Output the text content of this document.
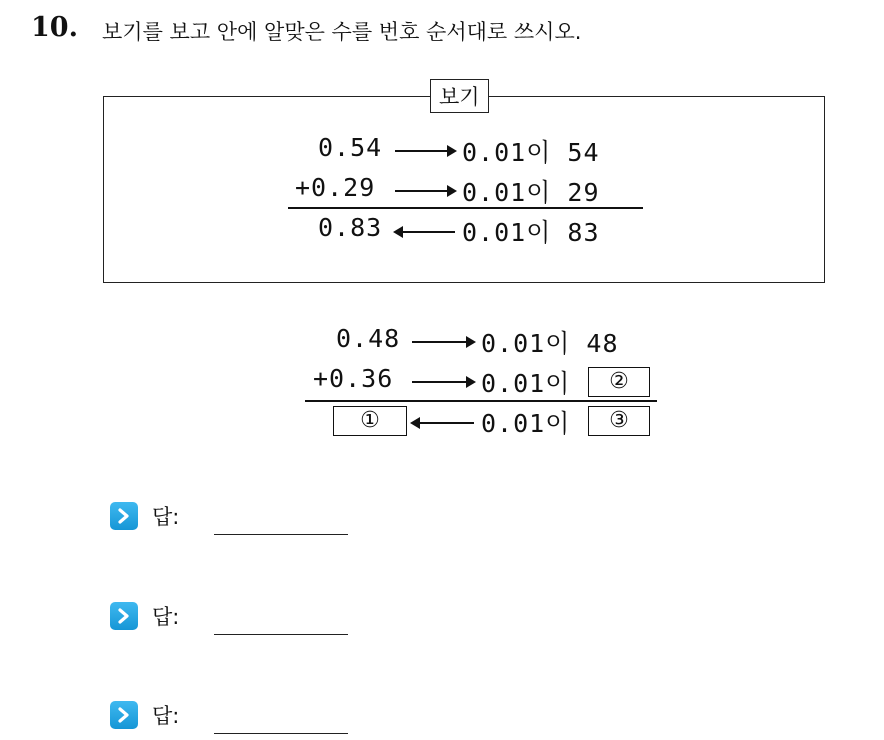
10. 보기를 보고 안에 알맞은 수를 번호 순서대로 쓰시오.
보기
0.54	0.01이 54
+0.29	0.01이 29
0.83	0.01이 83
0.48	0.01이 48
+0.36	0.01이	②
①	0.01이	③
답:
답:
답:
